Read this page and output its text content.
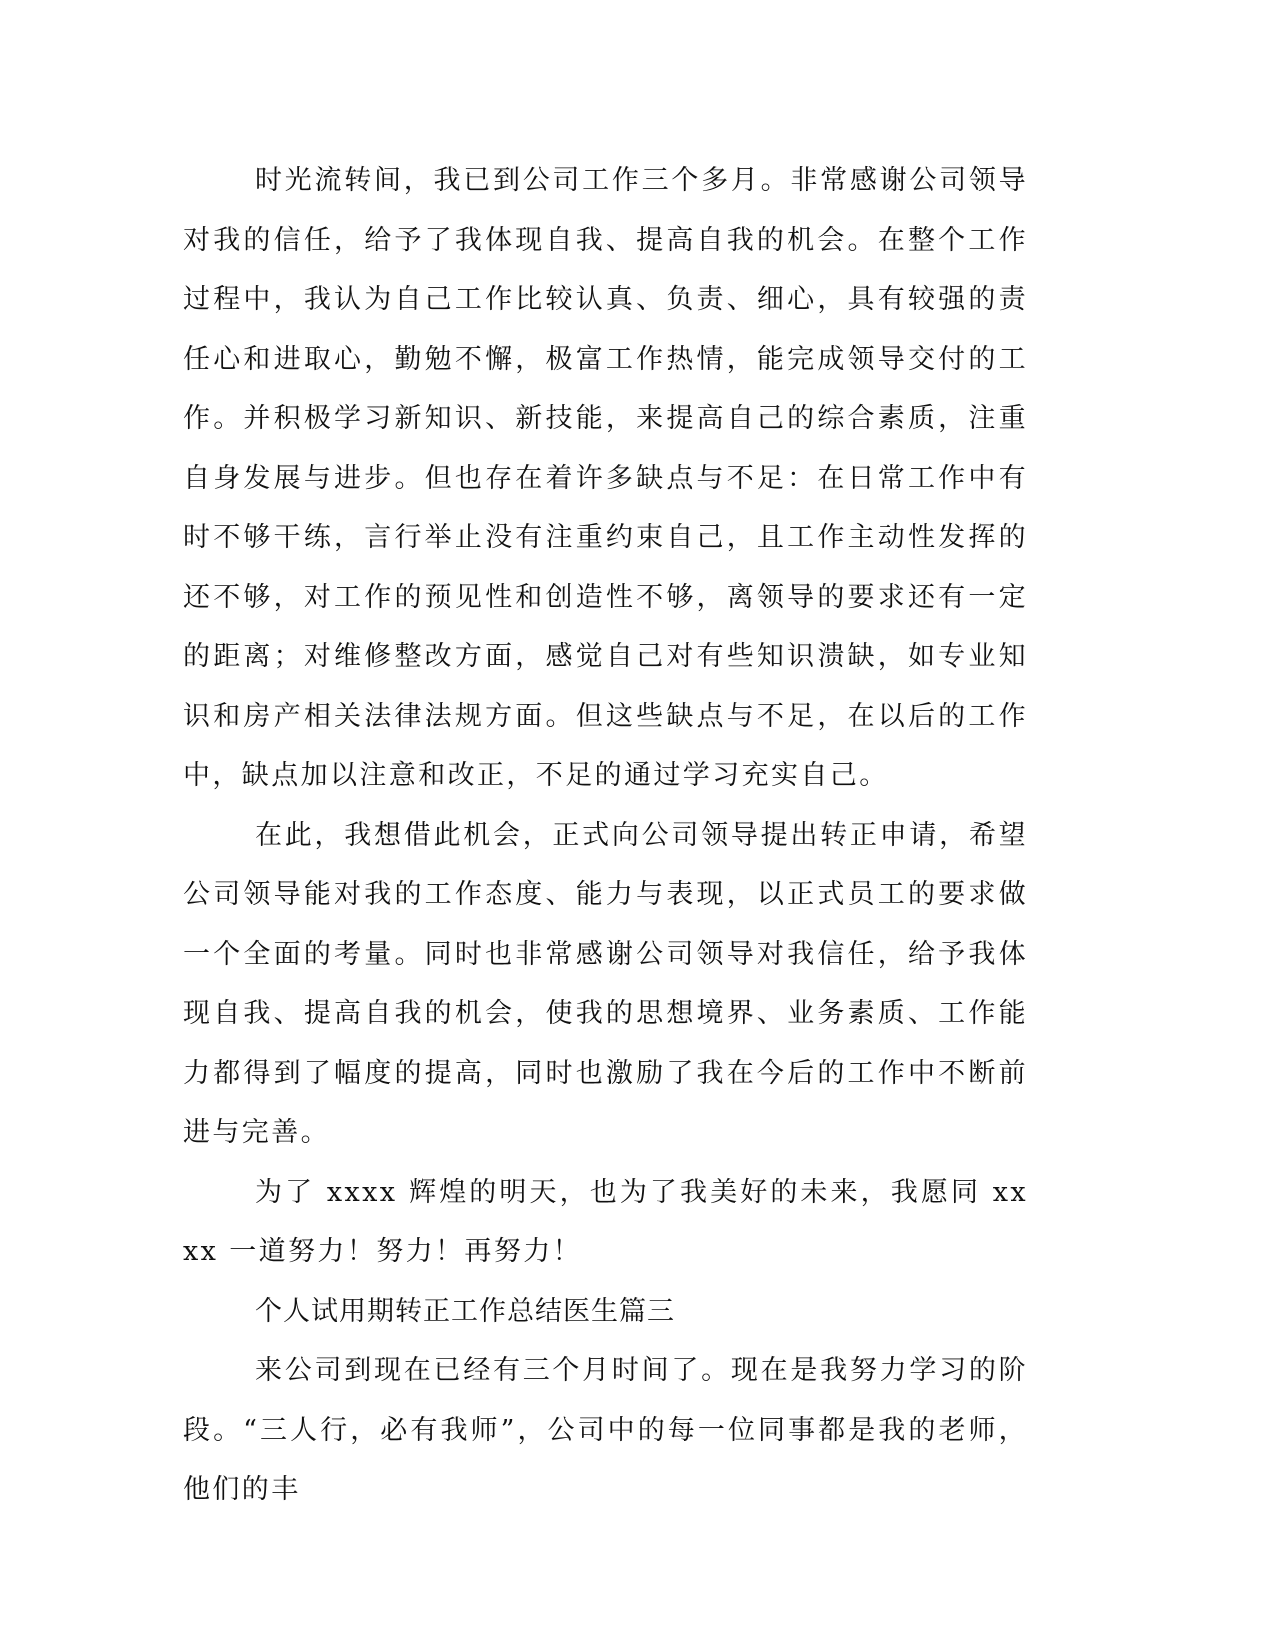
时光流转间，我已到公司工作三个多月。非常感谢公司领导对我的信任，给予了我体现自我、提高自我的机会。在整个工作过程中，我认为自己工作比较认真、负责、细心，具有较强的责任心和进取心，勤勉不懈，极富工作热情，能完成领导交付的工作。并积极学习新知识、新技能，来提高自己的综合素质，注重自身发展与进步。但也存在着许多缺点与不足：在日常工作中有时不够干练，言行举止没有注重约束自己，且工作主动性发挥的还不够，对工作的预见性和创造性不够，离领导的要求还有一定的距离；对维修整改方面，感觉自己对有些知识溃缺，如专业知识和房产相关法律法规方面。但这些缺点与不足，在以后的工作中，缺点加以注意和改正，不足的通过学习充实自己。

在此，我想借此机会，正式向公司领导提出转正申请，希望公司领导能对我的工作态度、能力与表现，以正式员工的要求做一个全面的考量。同时也非常感谢公司领导对我信任，给予我体现自我、提高自我的机会，使我的思想境界、业务素质、工作能力都得到了幅度的提高，同时也激励了我在今后的工作中不断前进与完善。

为了 xxxx 辉煌的明天，也为了我美好的未来，我愿同 xxxx 一道努力！努力！再努力！

个人试用期转正工作总结医生篇三

来公司到现在已经有三个月时间了。现在是我努力学习的阶段。“三人行，必有我师”，公司中的每一位同事都是我的老师，他们的丰
